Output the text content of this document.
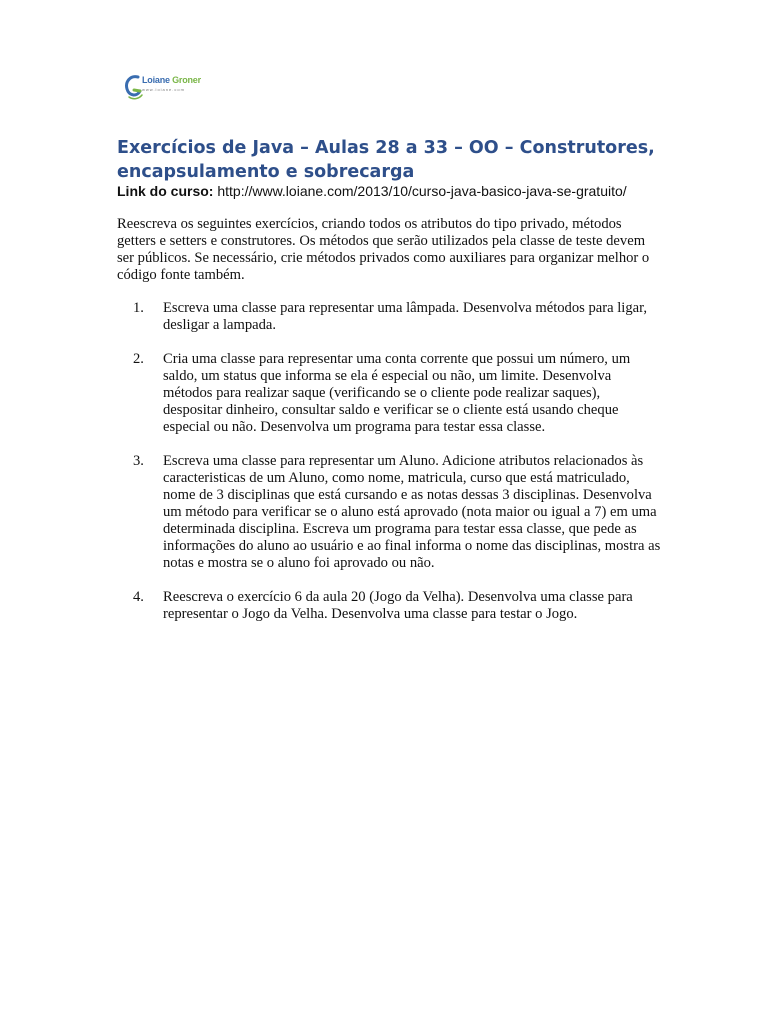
Loiane Groner
www.loiane.com
Exercícios de Java – Aulas 28 a 33 – OO – Construtores, encapsulamento e sobrecarga
Link do curso: http://www.loiane.com/2013/10/curso-java-basico-java-se-gratuito/

Reescreva os seguintes exercícios, criando todos os atributos do tipo privado, métodos getters e setters e construtores. Os métodos que serão utilizados pela classe de teste devem ser públicos. Se necessário, crie métodos privados como auxiliares para organizar melhor o código fonte também.

1.	Escreva uma classe para representar uma lâmpada. Desenvolva métodos para ligar, desligar a lampada.
2.	Cria uma classe para representar uma conta corrente que possui um número, um saldo, um status que informa se ela é especial ou não, um limite. Desenvolva métodos para realizar saque (verificando se o cliente pode realizar saques), despositar dinheiro, consultar saldo e verificar se o cliente está usando cheque especial ou não. Desenvolva um programa para testar essa classe.
3.	Escreva uma classe para representar um Aluno. Adicione atributos relacionados às caracteristicas de um Aluno, como nome, matricula, curso que está matriculado, nome de 3 disciplinas que está cursando e as notas dessas 3 disciplinas. Desenvolva um método para verificar se o aluno está aprovado (nota maior ou igual a 7) em uma determinada disciplina. Escreva um programa para testar essa classe, que pede as informações do aluno ao usuário e ao final informa o nome das disciplinas, mostra as notas e mostra se o aluno foi aprovado ou não.
4.	Reescreva o exercício 6 da aula 20 (Jogo da Velha). Desenvolva uma classe para representar o Jogo da Velha. Desenvolva uma classe para testar o Jogo.
